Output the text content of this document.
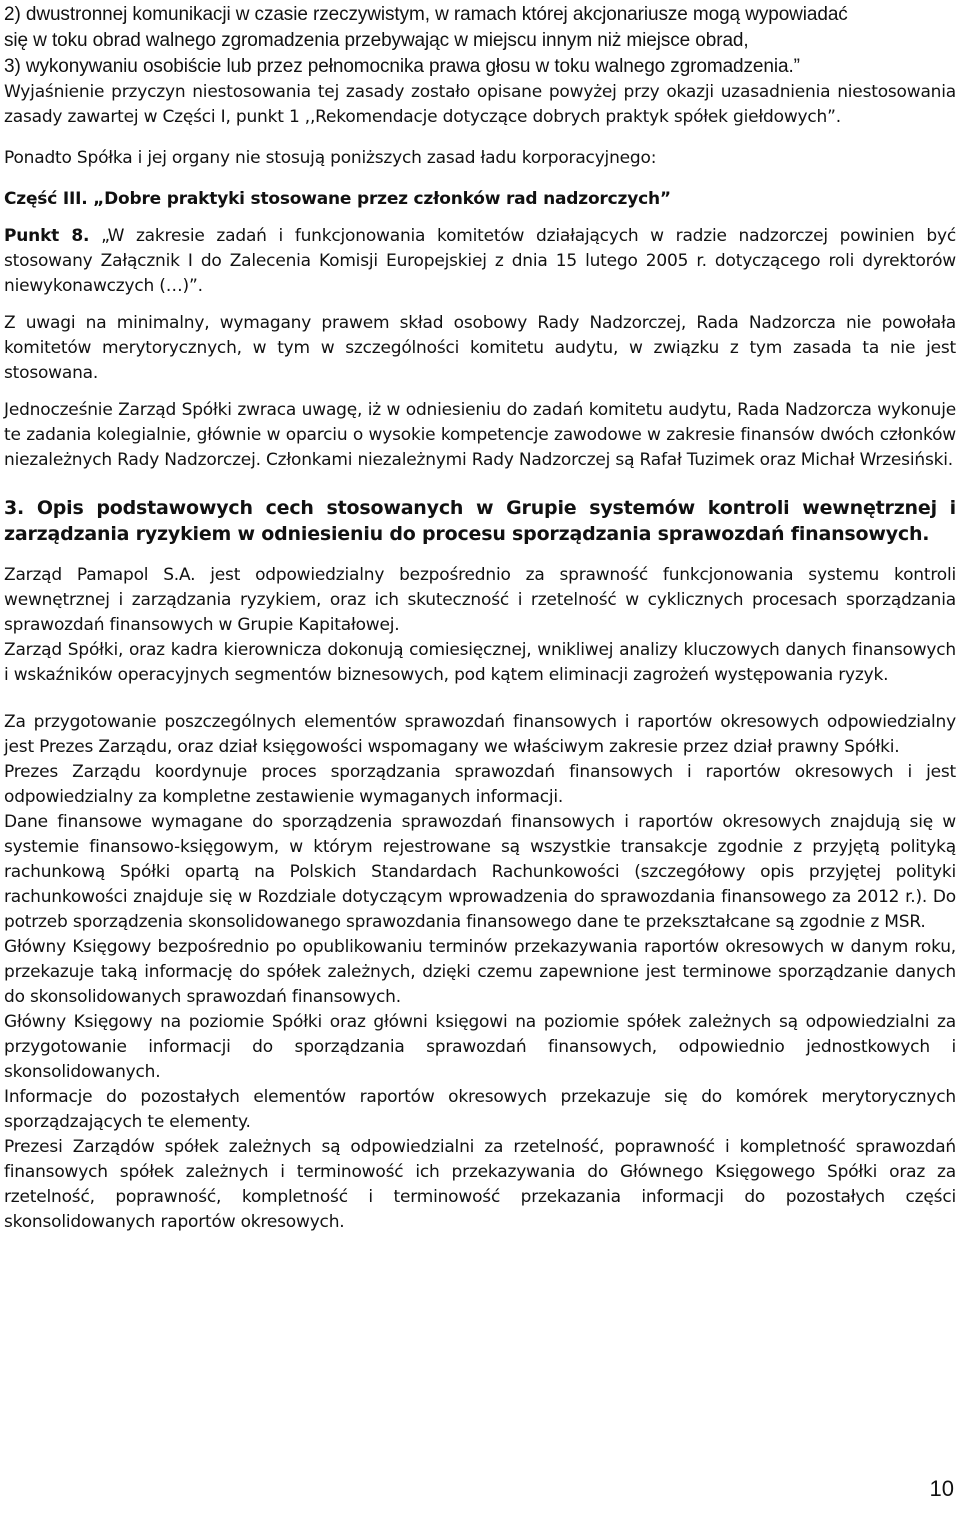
2) dwustronnej komunikacji w czasie rzeczywistym, w ramach której akcjonariusze mogą wypowiadać
się w toku obrad walnego zgromadzenia przebywając w miejscu innym niż miejsce obrad,
3) wykonywaniu osobiście lub przez pełnomocnika prawa głosu w toku walnego zgromadzenia.”

Wyjaśnienie przyczyn niestosowania tej zasady zostało opisane powyżej przy okazji uzasadnienia niestosowania zasady zawartej w Części I, punkt 1 ,,Rekomendacje dotyczące dobrych praktyk spółek giełdowych”.

Ponadto Spółka i jej organy nie stosują poniższych zasad ładu korporacyjnego:

Część III. „Dobre praktyki stosowane przez członków rad nadzorczych”

Punkt 8. „W zakresie zadań i funkcjonowania komitetów działających w radzie nadzorczej powinien być stosowany Załącznik I do Zalecenia Komisji Europejskiej z dnia 15 lutego 2005 r. dotyczącego roli dyrektorów niewykonawczych (…)”.

Z uwagi na minimalny, wymagany prawem skład osobowy Rady Nadzorczej, Rada Nadzorcza nie powołała komitetów merytorycznych, w tym w szczególności komitetu audytu, w związku z tym zasada ta nie jest stosowana.

Jednocześnie Zarząd Spółki zwraca uwagę, iż w odniesieniu do zadań komitetu audytu, Rada Nadzorcza wykonuje te zadania kolegialnie, głównie w oparciu o wysokie kompetencje zawodowe w zakresie finansów dwóch członków niezależnych Rady Nadzorczej. Członkami niezależnymi Rady Nadzorczej są Rafał Tuzimek oraz Michał Wrzesiński.

3. Opis podstawowych cech stosowanych w Grupie systemów kontroli wewnętrznej i zarządzania ryzykiem w odniesieniu do procesu sporządzania sprawozdań finansowych.

Zarząd Pamapol S.A. jest odpowiedzialny bezpośrednio za sprawność funkcjonowania systemu kontroli wewnętrznej i zarządzania ryzykiem, oraz ich skuteczność i rzetelność w cyklicznych procesach sporządzania sprawozdań finansowych w Grupie Kapitałowej.

Zarząd Spółki, oraz kadra kierownicza dokonują comiesięcznej, wnikliwej analizy kluczowych danych finansowych i wskaźników operacyjnych segmentów biznesowych, pod kątem eliminacji zagrożeń występowania ryzyk.

Za przygotowanie poszczególnych elementów sprawozdań finansowych i raportów okresowych odpowiedzialny jest Prezes Zarządu, oraz dział księgowości wspomagany we właściwym zakresie przez dział prawny Spółki.

Prezes Zarządu koordynuje proces sporządzania sprawozdań finansowych i raportów okresowych i jest odpowiedzialny za kompletne zestawienie wymaganych informacji.

Dane finansowe wymagane do sporządzenia sprawozdań finansowych i raportów okresowych znajdują się w systemie finansowo-księgowym, w którym rejestrowane są wszystkie transakcje zgodnie z przyjętą polityką rachunkową Spółki opartą na Polskich Standardach Rachunkowości (szczegółowy opis przyjętej polityki rachunkowości znajduje się w Rozdziale dotyczącym wprowadzenia do sprawozdania finansowego za 2012 r.). Do potrzeb sporządzenia skonsolidowanego sprawozdania finansowego dane te przekształcane są zgodnie z MSR.

Główny Księgowy bezpośrednio po opublikowaniu terminów przekazywania raportów okresowych w danym roku, przekazuje taką informację do spółek zależnych, dzięki czemu zapewnione jest terminowe sporządzanie danych do skonsolidowanych sprawozdań finansowych.

Główny Księgowy na poziomie Spółki oraz główni księgowi na poziomie spółek zależnych są odpowiedzialni za przygotowanie informacji do sporządzania sprawozdań finansowych, odpowiednio jednostkowych i skonsolidowanych.

Informacje do pozostałych elementów raportów okresowych przekazuje się do komórek merytorycznych sporządzających te elementy.

Prezesi Zarządów spółek zależnych są odpowiedzialni za rzetelność, poprawność i kompletność sprawozdań finansowych spółek zależnych i terminowość ich przekazywania do Głównego Księgowego Spółki oraz za rzetelność, poprawność, kompletność i terminowość przekazania informacji do pozostałych części skonsolidowanych raportów okresowych.

10
